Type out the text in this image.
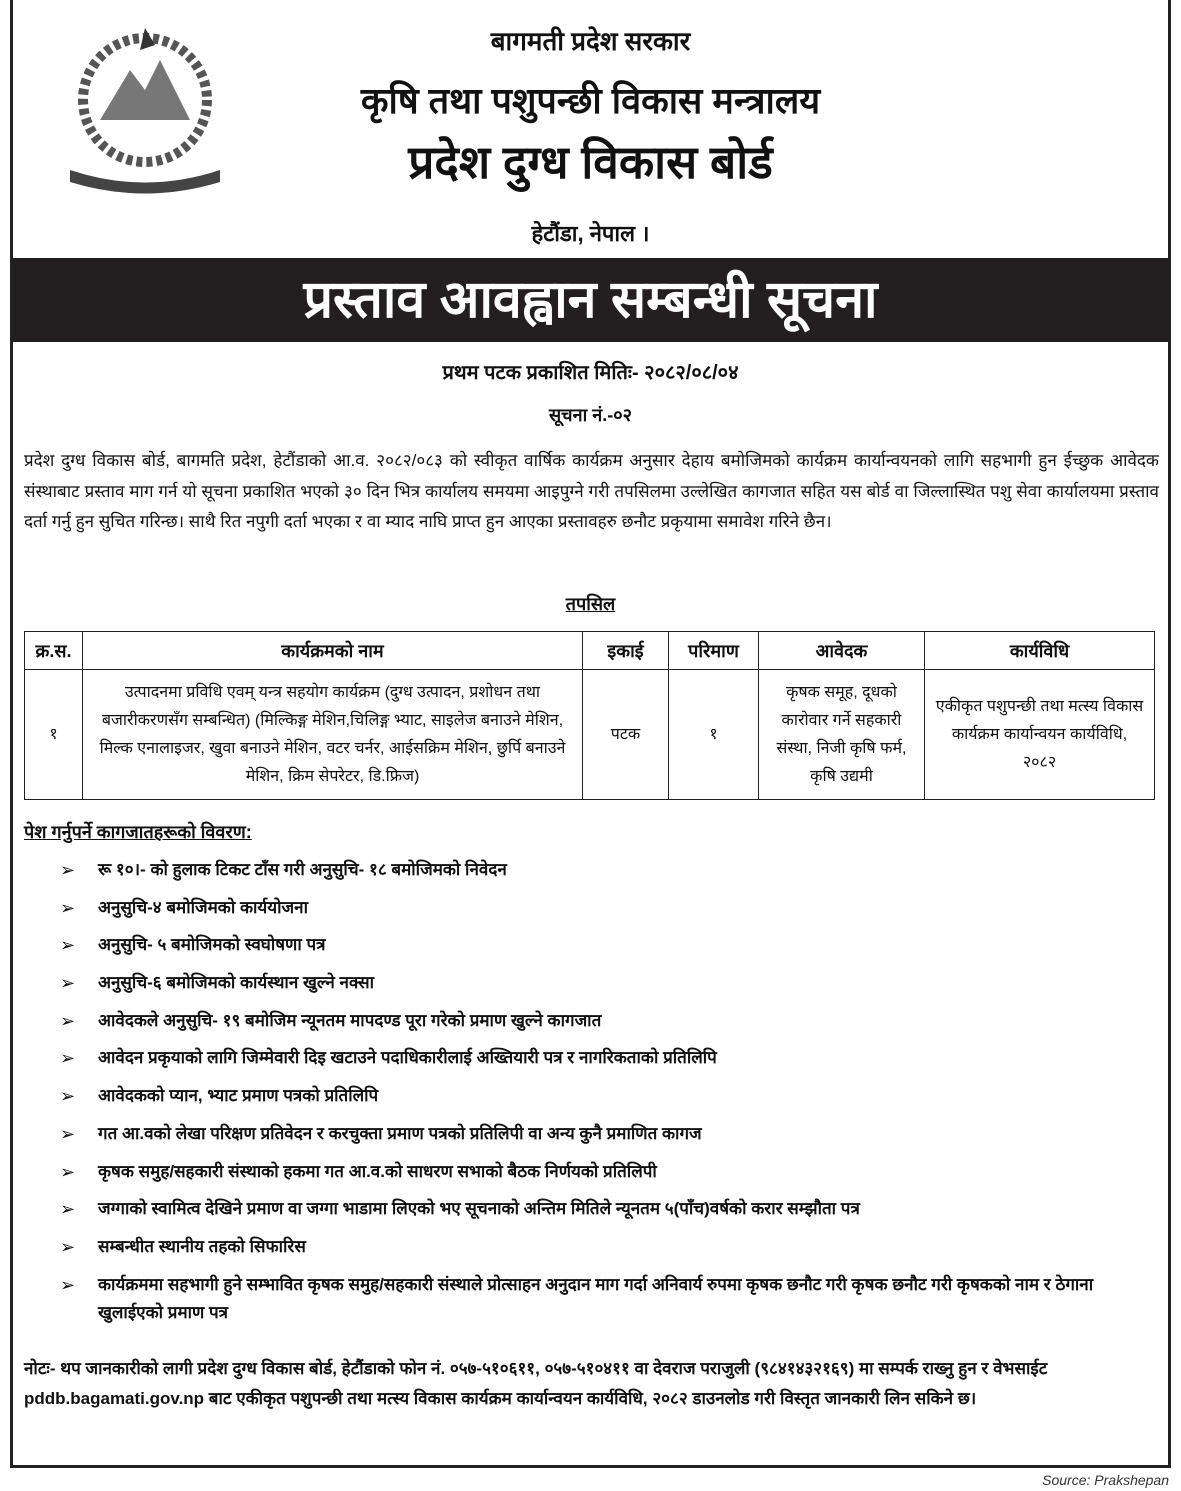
बागमती प्रदेश सरकार
कृषि तथा पशुपन्छी विकास मन्त्रालय
प्रदेश दुग्ध विकास बोर्ड
हेटौंडा, नेपाल ।
प्रस्ताव आवह्वान सम्बन्धी सूचना
प्रथम पटक प्रकाशित मितिः- २०८२/०८/०४
सूचना नं.-०२

प्रदेश दुग्ध विकास बोर्ड, बागमति प्रदेश, हेटौंडाको आ.व. २०८२/०८३ को स्वीकृत वार्षिक कार्यक्रम अनुसार देहाय बमोजिमको कार्यक्रम कार्यान्वयनको लागि सहभागी हुन ईच्छुक आवेदक संस्थाबाट प्रस्ताव माग गर्न यो सूचना प्रकाशित भएको ३० दिन भित्र कार्यालय समयमा आइपुग्ने गरी तपसिलमा उल्लेखित कागजात सहित यस बोर्ड वा जिल्लास्थित पशु सेवा कार्यालयमा प्रस्ताव दर्ता गर्नु हुन सुचित गरिन्छ। साथै रित नपुगी दर्ता भएका र वा म्याद नाघि प्राप्त हुन आएका प्रस्तावहरु छनौट प्रकृयामा समावेश गरिने छैन।

तपसिल
क्र.स.	कार्यक्रमको नाम	इकाई	परिमाण	आवेदक	कार्यविधि
१	उत्पादनमा प्रविधि एवम् यन्त्र सहयोग कार्यक्रम (दुग्ध उत्पादन, प्रशोधन तथा बजारीकरणसँग सम्बन्धित) (मिल्किङ्ग मेशिन,चिलिङ्ग भ्याट, साइलेज बनाउने मेशिन, मिल्क एनालाइजर, खुवा बनाउने मेशिन, वटर चर्नर, आईसक्रिम मेशिन, छुर्पि बनाउने मेशिन, क्रिम सेपरेटर, डि.फ्रिज)	पटक	१	कृषक समूह, दूधको कारोवार गर्ने सहकारी संस्था, निजी कृषि फर्म, कृषि उद्यमी	एकीकृत पशुपन्छी तथा मत्स्य विकास कार्यक्रम कार्यान्वयन कार्यविधि, २०८२
पेश गर्नुपर्ने कागजातहरूको विवरण:
➢	रू १०।- को हुलाक टिकट टाँस गरी अनुसुचि- १८ बमोजिमको निवेदन
➢	अनुसुचि-४ बमोजिमको कार्ययोजना
➢	अनुसुचि- ५ बमोजिमको स्वघोषणा पत्र
➢	अनुसुचि-६ बमोजिमको कार्यस्थान खुल्ने नक्सा
➢	आवेदकले अनुसुचि- १९ बमोजिम न्यूनतम मापदण्ड पूरा गरेको प्रमाण खुल्ने कागजात
➢	आवेदन प्रकृयाको लागि जिम्मेवारी दिइ खटाउने पदाधिकारीलाई अख्तियारी पत्र र नागरिकताको प्रतिलिपि
➢	आवेदकको प्यान, भ्याट प्रमाण पत्रको प्रतिलिपि
➢	गत आ.वको लेखा परिक्षण प्रतिवेदन र करचुक्ता प्रमाण पत्रको प्रतिलिपी वा अन्य कुनै प्रमाणित कागज
➢	कृषक समुह/सहकारी संस्थाको हकमा गत आ.व.को साधरण सभाको बैठक निर्णयको प्रतिलिपी
➢	जग्गाको स्वामित्व देखिने प्रमाण वा जग्गा भाडामा लिएको भए सूचनाको अन्तिम मितिले न्यूनतम ५(पाँच)वर्षको करार सम्झौता पत्र
➢	सम्बन्धीत स्थानीय तहको सिफारिस
➢	कार्यक्रममा सहभागी हुने सम्भावित कृषक समुह/सहकारी संस्थाले प्रोत्साहन अनुदान माग गर्दा अनिवार्य रुपमा कृषक छनौट गरी कृषक छनौट गरी कृषकको नाम र ठेगाना खुलाईएको प्रमाण पत्र

नोटः- थप जानकारीको लागी प्रदेश दुग्ध विकास बोर्ड, हेटौंडाको फोन नं. ०५७-५१०६११, ०५७-५१०४११ वा देवराज पराजुली (९८४१४३२१६९) मा सम्पर्क राख्नु हुन र वेभसाईट pddb.bagamati.gov.np बाट एकीकृत पशुपन्छी तथा मत्स्य विकास कार्यक्रम कार्यान्वयन कार्यविधि, २०८२ डाउनलोड गरी विस्तृत जानकारी लिन सकिने छ।

Source: Prakshepan
